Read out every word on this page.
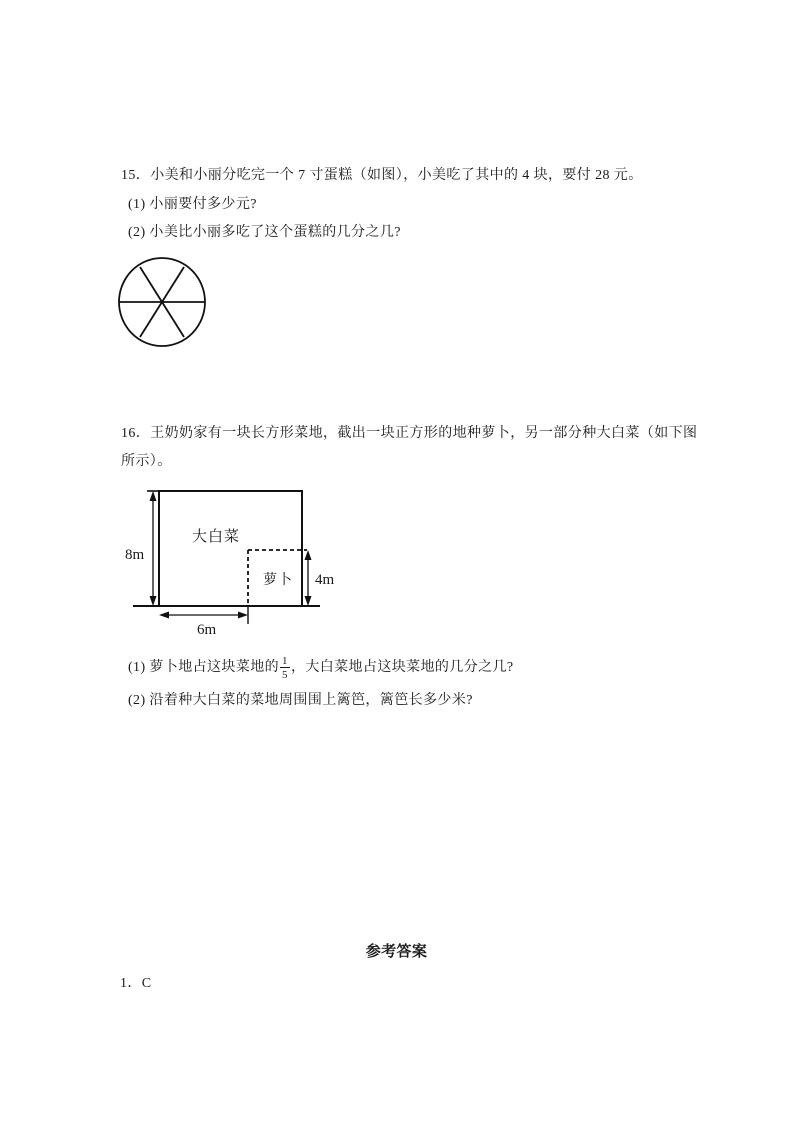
15．小美和小丽分吃完一个 7 寸蛋糕（如图），小美吃了其中的 4 块，要付 28 元。
(1) 小丽要付多少元?
(2) 小美比小丽多吃了这个蛋糕的几分之几?
16．王奶奶家有一块长方形菜地，截出一块正方形的地种萝卜，另一部分种大白菜（如下图
所示）。
8m
6m
4m
大白菜
萝卜
(1) 萝卜地占这块菜地的 $\frac{1}{5}$ ，大白菜地占这块菜地的几分之几?
(2) 沿着种大白菜的菜地周围围上篱笆，篱笆长多少米?
参考答案
1．C
